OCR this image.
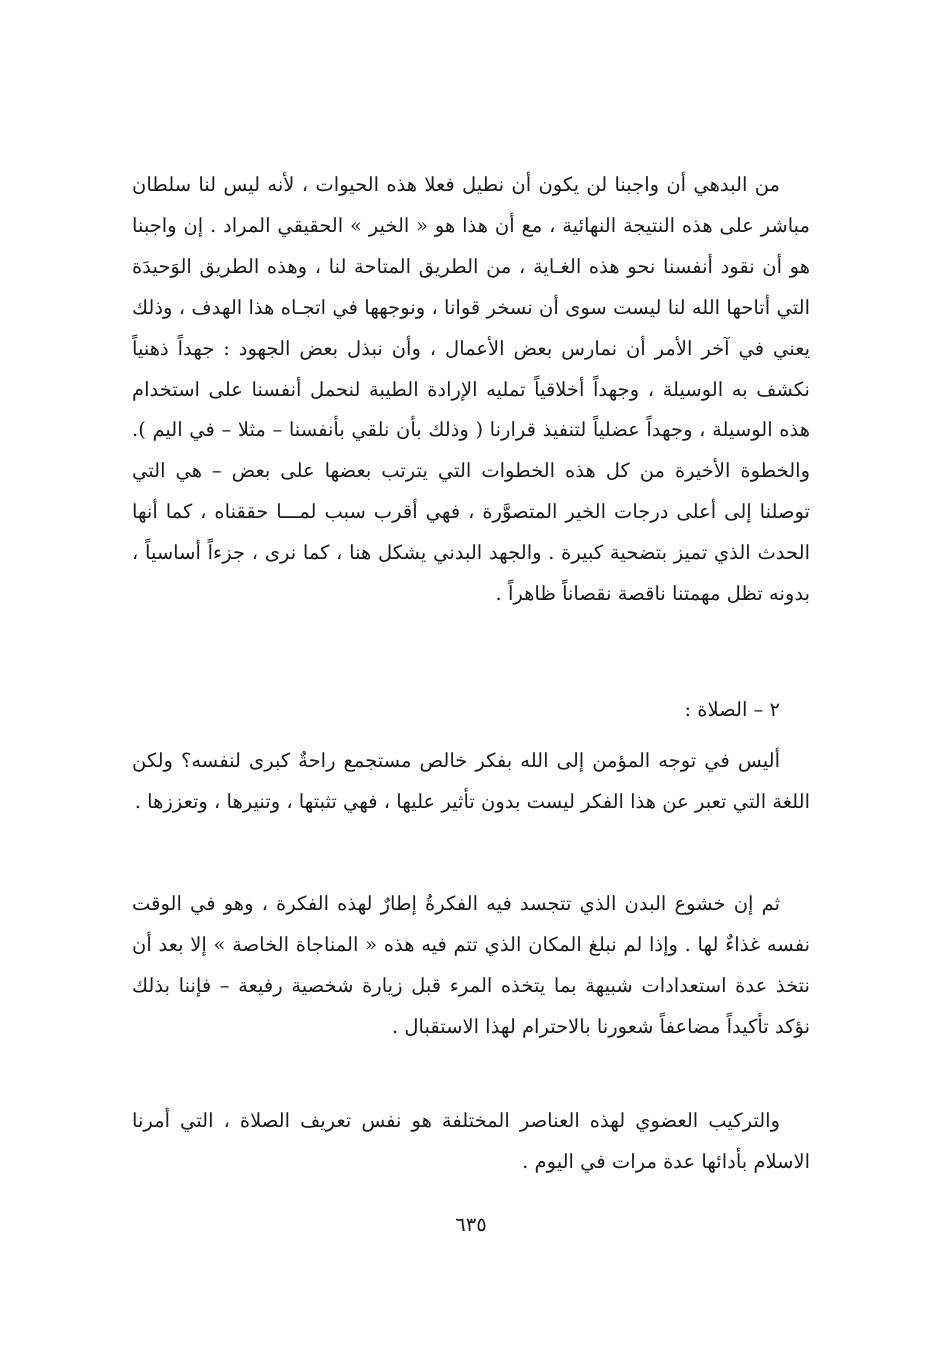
من البدهي أن واجبنا لن يكون أن نطيل فعلا هذه الحيوات ، لأنه ليس لنا سلطان مباشر على هذه النتيجة النهائية ، مع أن هذا هو « الخير » الحقيقي المراد . إن واجبنا هو أن نقود أنفسنا نحو هذه الغـاية ، من الطريق المتاحة لنا ، وهذه الطريق الوَحيدَة التي أتاحها الله لنا ليست سوى أن نسخر قوانا ، ونوجهها في اتجـاه هذا الهدف ، وذلك يعني في آخر الأمر أن نمارس بعض الأعمال ، وأن نبذل بعض الجهود : جهداً ذهنياً نكشف به الوسيلة ، وجهداً أخلاقياً تمليه الإرادة الطيبة لنحمل أنفسنا على استخدام هذه الوسيلة ، وجهداً عضلياً لتنفيذ قرارنا ( وذلك بأن نلقي بأنفسنا – مثلا – في اليم ). والخطوة الأخيرة من كل هذه الخطوات التي يترتب بعضها على بعض – هي التي توصلنا إلى أعلى درجات الخير المتصوَّرة ، فهي أقرب سبب لمـــا حققناه ، كما أنها الحدث الذي تميز بتضحية كبيرة . والجهد البدني يشكل هنا ، كما نرى ، جزءاً أساسياً ، بدونه تظل مهمتنا ناقصة نقصاناً ظاهراً .

٢ – الصلاة :

أليس في توجه المؤمن إلى الله بفكر خالص مستجمع راحةٌ كبرى لنفسه؟ ولكن اللغة التي تعبر عن هذا الفكر ليست بدون تأثير عليها ، فهي تثبتها ، وتنيرها ، وتعززها .

ثم إن خشوع البدن الذي تتجسد فيه الفكرةُ إطارٌ لهذه الفكرة ، وهو في الوقت نفسه غذاءٌ لها . وإذا لم نبلغ المكان الذي تتم فيه هذه « المناجاة الخاصة » إلا بعد أن نتخذ عدة استعدادات شبيهة بما يتخذه المرء قبل زيارة شخصية رفيعة – فإننا بذلك نؤكد تأكيداً مضاعفاً شعورنا بالاحترام لهذا الاستقبال .

والتركيب العضوي لهذه العناصر المختلفة هو نفس تعريف الصلاة ، التي أمرنا الاسلام بأدائها عدة مرات في اليوم .

٦٣٥
